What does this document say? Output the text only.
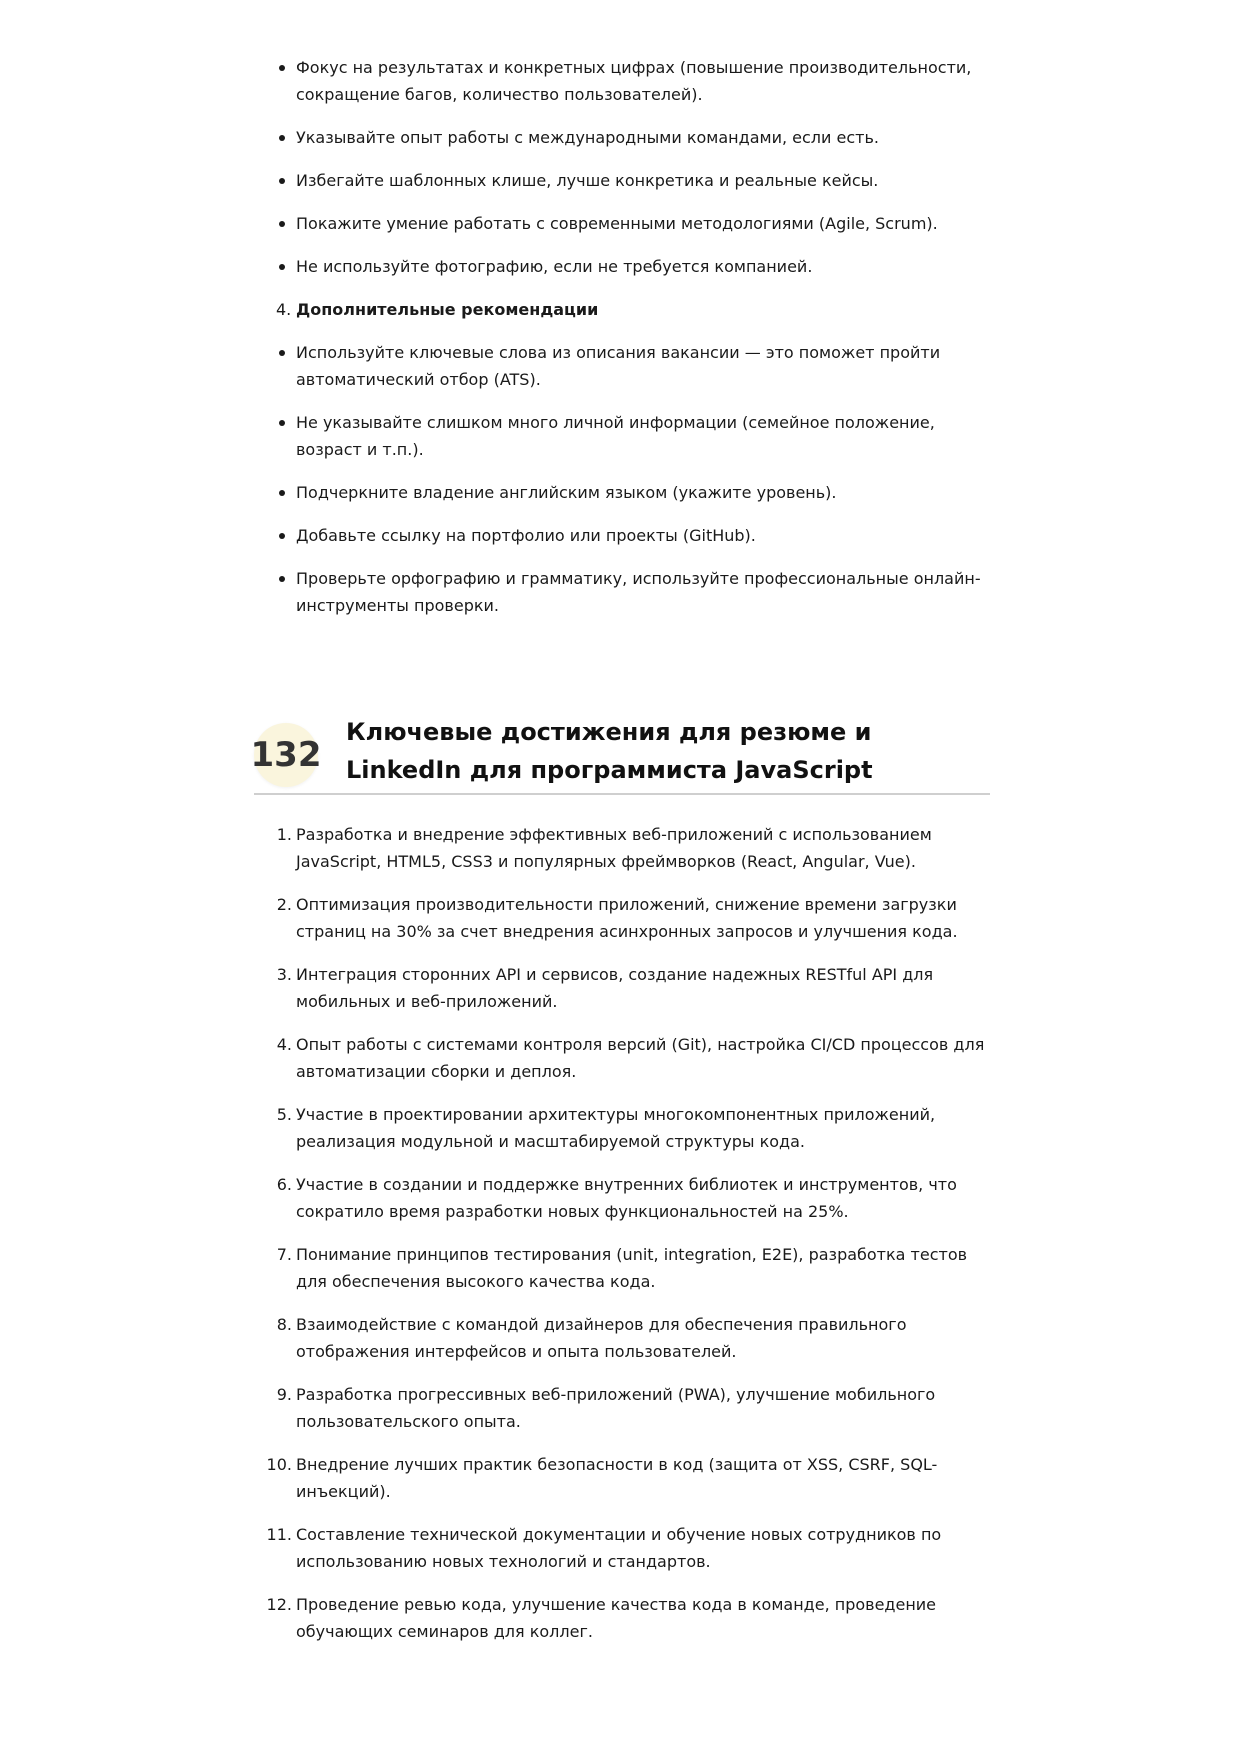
Фокус на результатах и конкретных цифрах (повышение производительности, сокращение багов, количество пользователей).
Указывайте опыт работы с международными командами, если есть.
Избегайте шаблонных клише, лучше конкретика и реальные кейсы.
Покажите умение работать с современными методологиями (Agile, Scrum).
Не используйте фотографию, если не требуется компанией.
4. Дополнительные рекомендации
Используйте ключевые слова из описания вакансии — это поможет пройти автоматический отбор (ATS).
Не указывайте слишком много личной информации (семейное положение, возраст и т.п.).
Подчеркните владение английским языком (укажите уровень).
Добавьте ссылку на портфолио или проекты (GitHub).
Проверьте орфографию и грамматику, используйте профессиональные онлайн-инструменты проверки.
132
Ключевые достижения для резюме и LinkedIn для программиста JavaScript
1. Разработка и внедрение эффективных веб-приложений с использованием JavaScript, HTML5, CSS3 и популярных фреймворков (React, Angular, Vue).
2. Оптимизация производительности приложений, снижение времени загрузки страниц на 30% за счет внедрения асинхронных запросов и улучшения кода.
3. Интеграция сторонних API и сервисов, создание надежных RESTful API для мобильных и веб-приложений.
4. Опыт работы с системами контроля версий (Git), настройка CI/CD процессов для автоматизации сборки и деплоя.
5. Участие в проектировании архитектуры многокомпонентных приложений, реализация модульной и масштабируемой структуры кода.
6. Участие в создании и поддержке внутренних библиотек и инструментов, что сократило время разработки новых функциональностей на 25%.
7. Понимание принципов тестирования (unit, integration, E2E), разработка тестов для обеспечения высокого качества кода.
8. Взаимодействие с командой дизайнеров для обеспечения правильного отображения интерфейсов и опыта пользователей.
9. Разработка прогрессивных веб-приложений (PWA), улучшение мобильного пользовательского опыта.
10. Внедрение лучших практик безопасности в код (защита от XSS, CSRF, SQL-инъекций).
11. Составление технической документации и обучение новых сотрудников по использованию новых технологий и стандартов.
12. Проведение ревью кода, улучшение качества кода в команде, проведение обучающих семинаров для коллег.
